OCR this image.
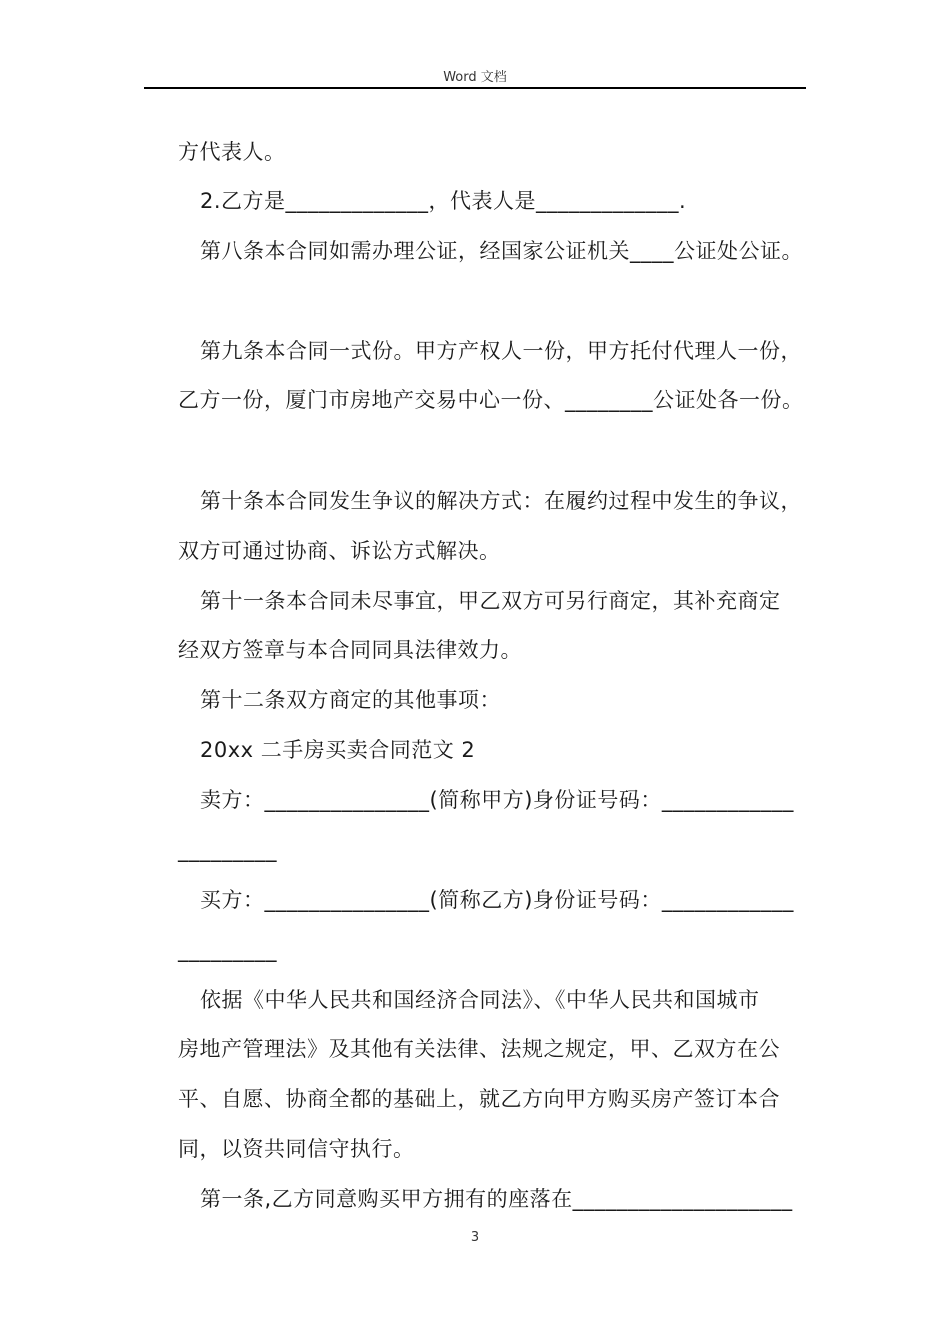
Word 文档
方代表人。
2.乙方是_____________，代表人是_____________.
第八条本合同如需办理公证，经国家公证机关____公证处公证。
第九条本合同一式份。甲方产权人一份，甲方托付代理人一份，
乙方一份，厦门市房地产交易中心一份、________公证处各一份。
第十条本合同发生争议的解决方式：在履约过程中发生的争议，
双方可通过协商、诉讼方式解决。
第十一条本合同未尽事宜，甲乙双方可另行商定，其补充商定
经双方签章与本合同同具法律效力。
第十二条双方商定的其他事项：
20xx 二手房买卖合同范文 2
卖方：_______________(简称甲方)身份证号码：____________
_________
买方：_______________(简称乙方)身份证号码：____________
_________
依据《中华人民共和国经济合同法》、《中华人民共和国城市
房地产管理法》及其他有关法律、法规之规定，甲、乙双方在公
平、自愿、协商全都的基础上，就乙方向甲方购买房产签订本合
同，以资共同信守执行。
第一条,乙方同意购买甲方拥有的座落在____________________
3
